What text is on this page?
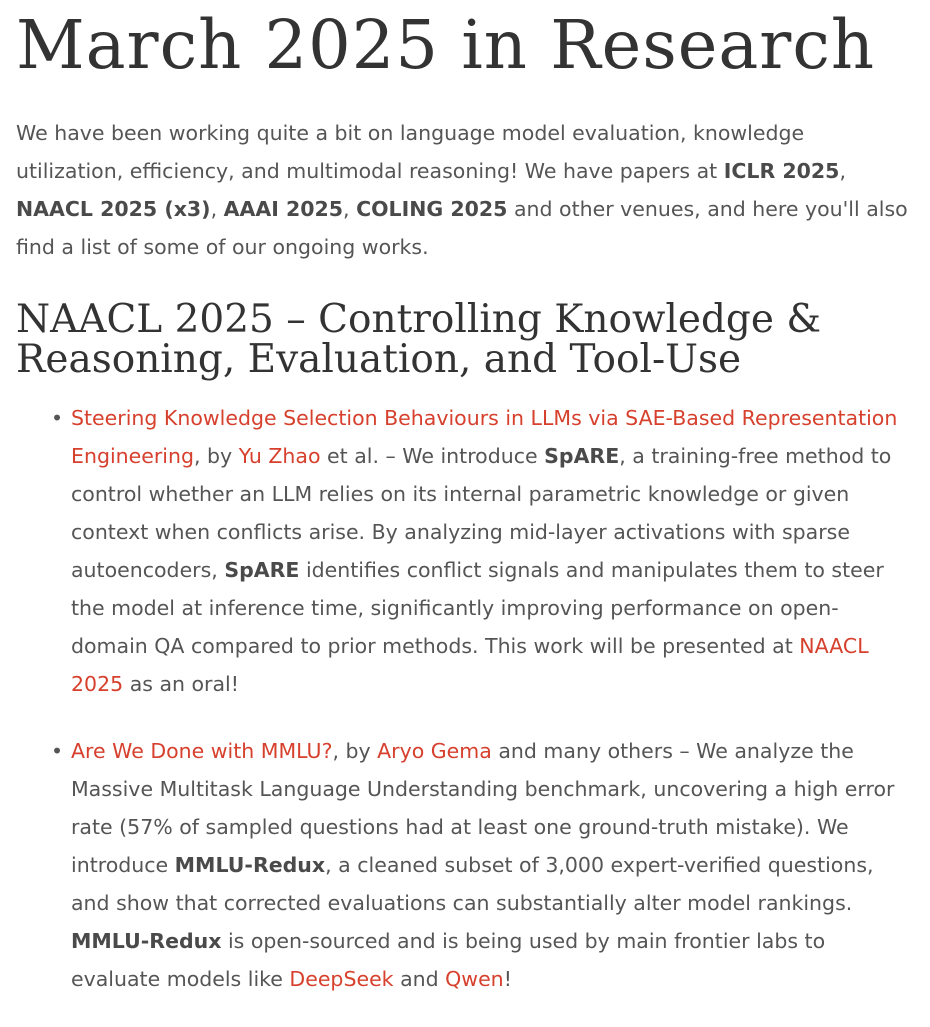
March 2025 in Research

We have been working quite a bit on language model evaluation, knowledge utilization, efficiency, and multimodal reasoning! We have papers at ICLR 2025, NAACL 2025 (x3), AAAI 2025, COLING 2025 and other venues, and here you'll also find a list of some of our ongoing works.

NAACL 2025 – Controlling Knowledge & Reasoning, Evaluation, and Tool-Use
• Steering Knowledge Selection Behaviours in LLMs via SAE-Based Representation Engineering, by Yu Zhao et al. – We introduce SpARE, a training-free method to control whether an LLM relies on its internal parametric knowledge or given context when conflicts arise. By analyzing mid-layer activations with sparse autoencoders, SpARE identifies conflict signals and manipulates them to steer the model at inference time, significantly improving performance on open-domain QA compared to prior methods. This work will be presented at NAACL 2025 as an oral!
• Are We Done with MMLU?, by Aryo Gema and many others – We analyze the Massive Multitask Language Understanding benchmark, uncovering a high error rate (57% of sampled questions had at least one ground-truth mistake). We introduce MMLU-Redux, a cleaned subset of 3,000 expert-verified questions, and show that corrected evaluations can substantially alter model rankings. MMLU-Redux is open-sourced and is being used by main frontier labs to evaluate models like DeepSeek and Qwen!
